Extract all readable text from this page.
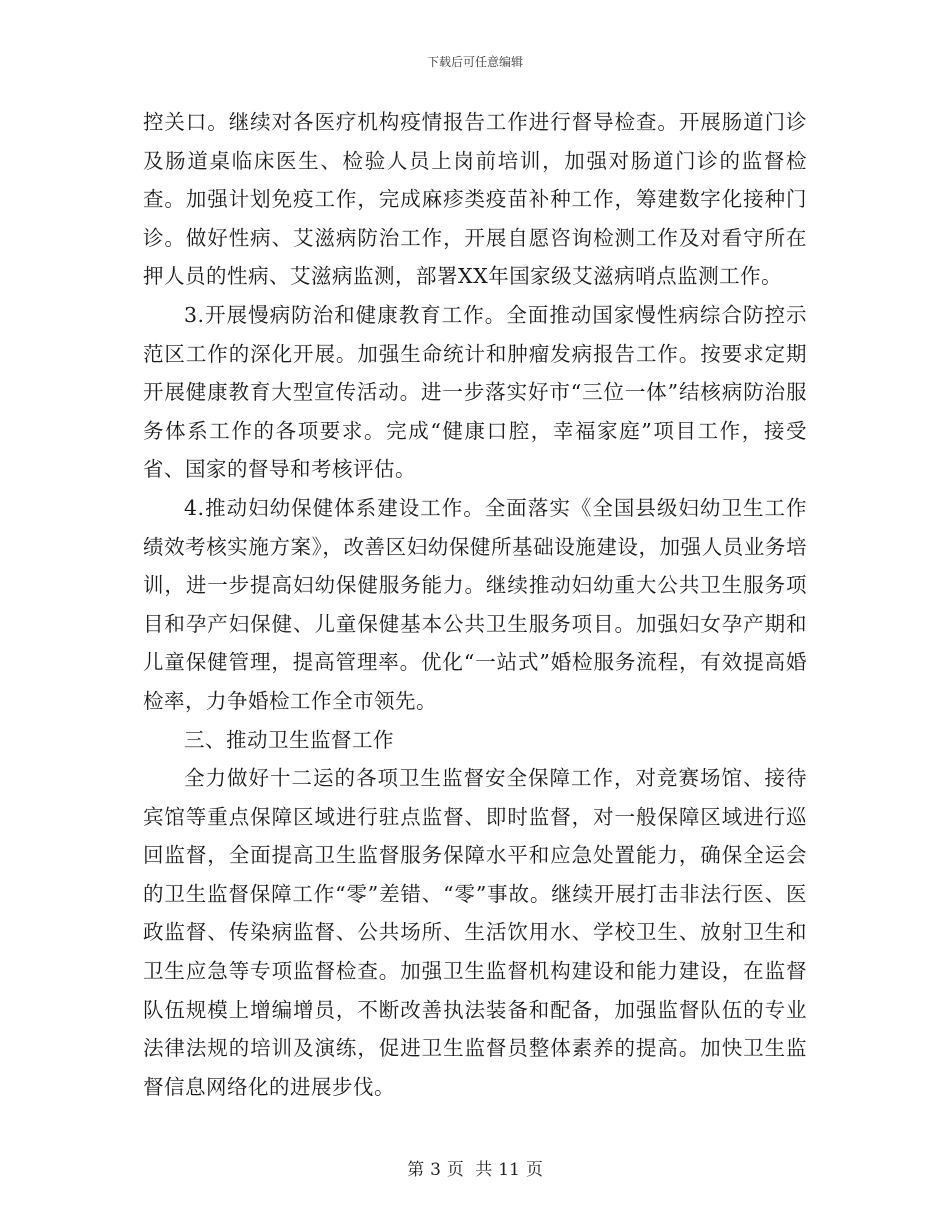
下载后可任意编辑

控关口。继续对各医疗机构疫情报告工作进行督导检查。开展肠道门诊及肠道桌临床医生、检验人员上岗前培训，加强对肠道门诊的监督检查。加强计划免疫工作，完成麻疹类疫苗补种工作，筹建数字化接种门诊。做好性病、艾滋病防治工作，开展自愿咨询检测工作及对看守所在押人员的性病、艾滋病监测，部署XX年国家级艾滋病哨点监测工作。

3.开展慢病防治和健康教育工作。全面推动国家慢性病综合防控示范区工作的深化开展。加强生命统计和肿瘤发病报告工作。按要求定期开展健康教育大型宣传活动。进一步落实好市“三位一体”结核病防治服务体系工作的各项要求。完成“健康口腔，幸福家庭”项目工作，接受省、国家的督导和考核评估。

4.推动妇幼保健体系建设工作。全面落实《全国县级妇幼卫生工作绩效考核实施方案》，改善区妇幼保健所基础设施建设，加强人员业务培训，进一步提高妇幼保健服务能力。继续推动妇幼重大公共卫生服务项目和孕产妇保健、儿童保健基本公共卫生服务项目。加强妇女孕产期和儿童保健管理，提高管理率。优化“一站式”婚检服务流程，有效提高婚检率，力争婚检工作全市领先。

三、推动卫生监督工作

全力做好十二运的各项卫生监督安全保障工作，对竞赛场馆、接待宾馆等重点保障区域进行驻点监督、即时监督，对一般保障区域进行巡回监督，全面提高卫生监督服务保障水平和应急处置能力，确保全运会的卫生监督保障工作“零”差错、“零”事故。继续开展打击非法行医、医政监督、传染病监督、公共场所、生活饮用水、学校卫生、放射卫生和卫生应急等专项监督检查。加强卫生监督机构建设和能力建设，在监督队伍规模上增编增员，不断改善执法装备和配备，加强监督队伍的专业法律法规的培训及演练，促进卫生监督员整体素养的提高。加快卫生监督信息网络化的进展步伐。

第 3 页 共 11 页
